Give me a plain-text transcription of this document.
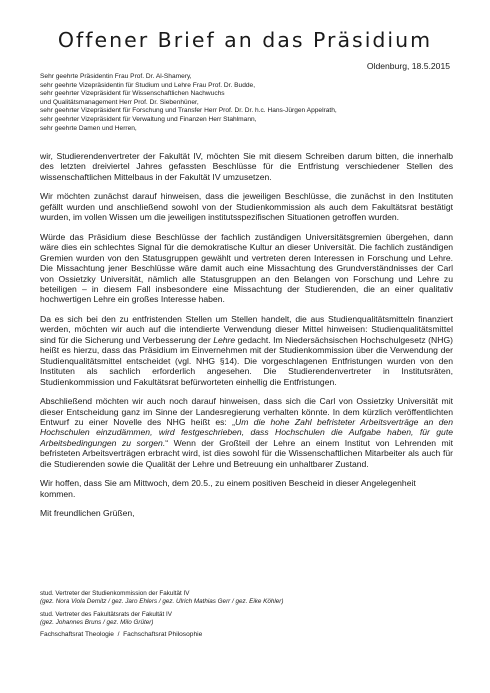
Offener Brief an das Präsidium
Oldenburg, 18.5.2015
Sehr geehrte Präsidentin Frau Prof. Dr. Al-Shamery,
sehr geehrte Vizepräsidentin für Studium und Lehre Frau Prof. Dr. Budde,
sehr geehrter Vizepräsident für Wissenschaftlichen Nachwuchs
und Qualitätsmanagement Herr Prof. Dr. Siebenhüner,
sehr geehrter Vizepräsident für Forschung und Transfer Herr Prof. Dr. Dr. h.c. Hans-Jürgen Appelrath,
sehr geehrter Vizepräsident für Verwaltung und Finanzen Herr Stahlmann,
sehr geehrte Damen und Herren,

wir, Studierendenvertreter der Fakultät IV, möchten Sie mit diesem Schreiben darum bitten, die innerhalb des letzten dreiviertel Jahres gefassten Beschlüsse für die Entfristung verschiedener Stellen des wissenschaftlichen Mittelbaus in der Fakultät IV umzusetzen.

Wir möchten zunächst darauf hinweisen, dass die jeweiligen Beschlüsse, die zunächst in den Instituten gefällt wurden und anschließend sowohl von der Studienkommission als auch dem Fakultätsrat bestätigt wurden, im vollen Wissen um die jeweiligen institutsspezifischen Situationen getroffen wurden.

Würde das Präsidium diese Beschlüsse der fachlich zuständigen Universitätsgremien übergehen, dann wäre dies ein schlechtes Signal für die demokratische Kultur an dieser Universität. Die fachlich zuständigen Gremien wurden von den Statusgruppen gewählt und vertreten deren Interessen in Forschung und Lehre. Die Missachtung jener Beschlüsse wäre damit auch eine Missachtung des Grundverständnisses der Carl von Ossietzky Universität, nämlich alle Statusgruppen an den Belangen von Forschung und Lehre zu beteiligen – in diesem Fall insbesondere eine Missachtung der Studierenden, die an einer qualitativ hochwertigen Lehre ein großes Interesse haben.

Da es sich bei den zu entfristenden Stellen um Stellen handelt, die aus Studienqualitätsmitteln finanziert werden, möchten wir auch auf die intendierte Verwendung dieser Mittel hinweisen: Studienqualitätsmittel sind für die Sicherung und Verbesserung der Lehre gedacht. Im Niedersächsischen Hochschulgesetz (NHG) heißt es hierzu, dass das Präsidium im Einvernehmen mit der Studienkommission über die Verwendung der Studienqualitätsmittel entscheidet (vgl. NHG §14). Die vorgeschlagenen Entfristungen wurden von den Instituten als sachlich erforderlich angesehen. Die Studierendenvertreter in Institutsräten, Studienkommission und Fakultätsrat befürworteten einhellig die Entfristungen.

Abschließend möchten wir auch noch darauf hinweisen, dass sich die Carl von Ossietzky Universität mit dieser Entscheidung ganz im Sinne der Landesregierung verhalten könnte. In dem kürzlich veröffentlichten Entwurf zu einer Novelle des NHG heißt es: „Um die hohe Zahl befristeter Arbeitsverträge an den Hochschulen einzudämmen, wird festgeschrieben, dass Hochschulen die Aufgabe haben, für gute Arbeitsbedingungen zu sorgen.“ Wenn der Großteil der Lehre an einem Institut von Lehrenden mit befristeten Arbeitsverträgen erbracht wird, ist dies sowohl für die Wissenschaftlichen Mitarbeiter als auch für die Studierenden sowie die Qualität der Lehre und Betreuung ein unhaltbarer Zustand.

Wir hoffen, dass Sie am Mittwoch, dem 20.5., zu einem positiven Bescheid in dieser Angelegenheit kommen.

Mit freundlichen Grüßen,

stud. Vertreter der Studienkommission der Fakultät IV
(gez. Nora Viola Demitz / gez. Jaro Ehlers / gez. Ulrich Mathias Gerr / gez. Eike Köhler)
stud. Vertreter des Fakultätsrats der Fakultät IV
(gez. Johannes Bruns / gez. Milo Grüter)
Fachschaftsrat Theologie  /  Fachschaftsrat Philosophie
